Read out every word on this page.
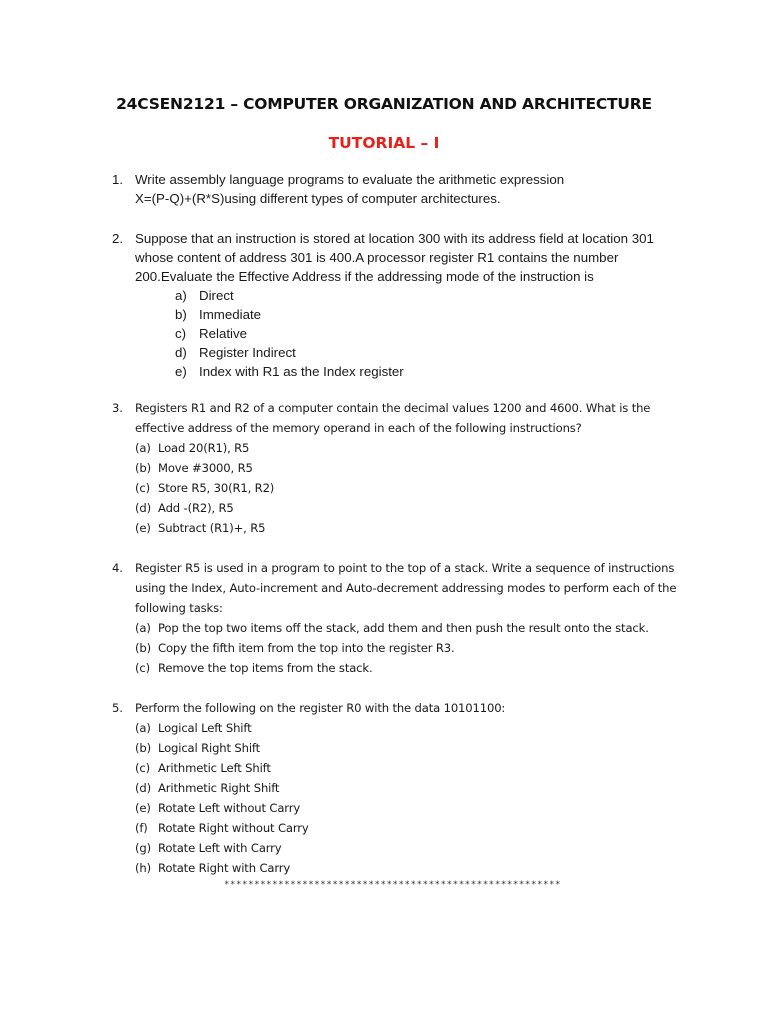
24CSEN2121 – COMPUTER ORGANIZATION AND ARCHITECTURE
TUTORIAL – I
1. Write assembly language programs to evaluate the arithmetic expression
X=(P-Q)+(R*S)using different types of computer architectures.
2. Suppose that an instruction is stored at location 300 with its address field at location 301
whose content of address 301 is 400.A processor register R1 contains the number
200.Evaluate the Effective Address if the addressing mode of the instruction is
a) Direct
b) Immediate
c) Relative
d) Register Indirect
e) Index with R1 as the Index register
3. Registers R1 and R2 of a computer contain the decimal values 1200 and 4600. What is the
effective address of the memory operand in each of the following instructions?
(a) Load 20(R1), R5
(b) Move #3000, R5
(c) Store R5, 30(R1, R2)
(d) Add -(R2), R5
(e) Subtract (R1)+, R5
4. Register R5 is used in a program to point to the top of a stack. Write a sequence of instructions
using the Index, Auto-increment and Auto-decrement addressing modes to perform each of the
following tasks:
(a) Pop the top two items off the stack, add them and then push the result onto the stack.
(b) Copy the fifth item from the top into the register R3.
(c) Remove the top items from the stack.
5. Perform the following on the register R0 with the data 10101100:
(a) Logical Left Shift
(b) Logical Right Shift
(c) Arithmetic Left Shift
(d) Arithmetic Right Shift
(e) Rotate Left without Carry
(f) Rotate Right without Carry
(g) Rotate Left with Carry
(h) Rotate Right with Carry
********************************************************
